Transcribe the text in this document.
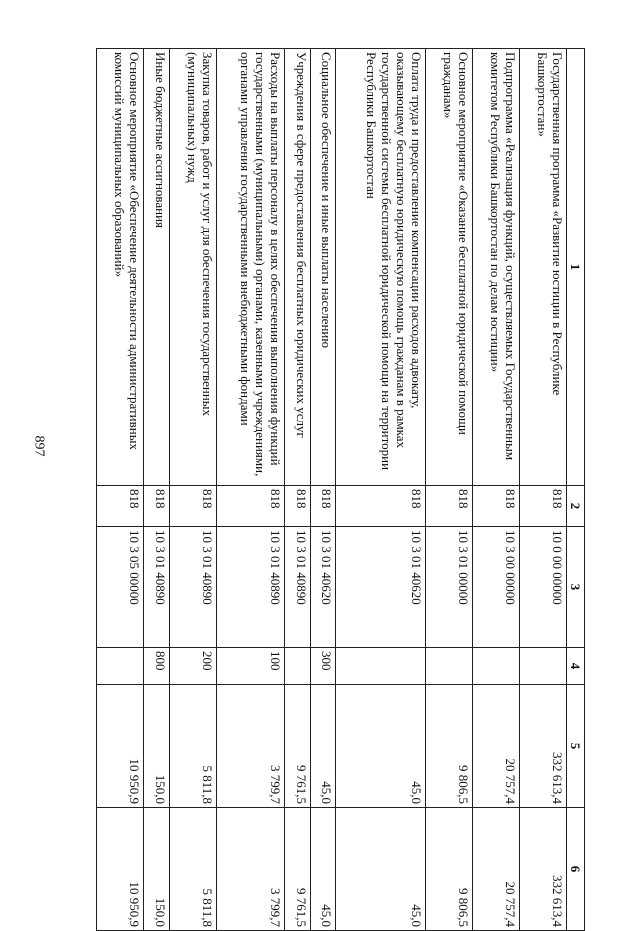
897
1	2	3	4	5	6
Государственная программа «Развитие юстиции в Республике Башкортостан»	818	10 0 00 00000		332 613,4	332 613,4
Подпрограмма «Реализация функций, осуществляемых Государственным комитетом Республики Башкортостан по делам юстиции»	818	10 3 00 00000		20 757,4	20 757,4
Основное мероприятие «Оказание бесплатной юридической помощи гражданам»	818	10 3 01 00000		9 806,5	9 806,5
Оплата труда и предоставление компенсации расходов адвокату, оказывающему бесплатную юридическую помощь гражданам в рамках государственной системы бесплатной юридической помощи на территории Республики Башкортостан	818	10 3 01 40620		45,0	45,0
Социальное обеспечение и иные выплаты населению	818	10 3 01 40620	300	45,0	45,0
Учреждения в сфере предоставления бесплатных юридических услуг	818	10 3 01 40890		9 761,5	9 761,5
Расходы на выплаты персоналу в целях обеспечения выполнения функций государственными (муниципальными) органами, казенными учреждениями, органами управления государственными внебюджетными фондами	818	10 3 01 40890	100	3 799,7	3 799,7
Закупка товаров, работ и услуг для обеспечения государственных (муниципальных) нужд	818	10 3 01 40890	200	5 811,8	5 811,8
Иные бюджетные ассигнования	818	10 3 01 40890	800	150,0	150,0
Основное мероприятие «Обеспечение деятельности административных комиссий муниципальных образований»	818	10 3 05 00000		10 950,9	10 950,9
